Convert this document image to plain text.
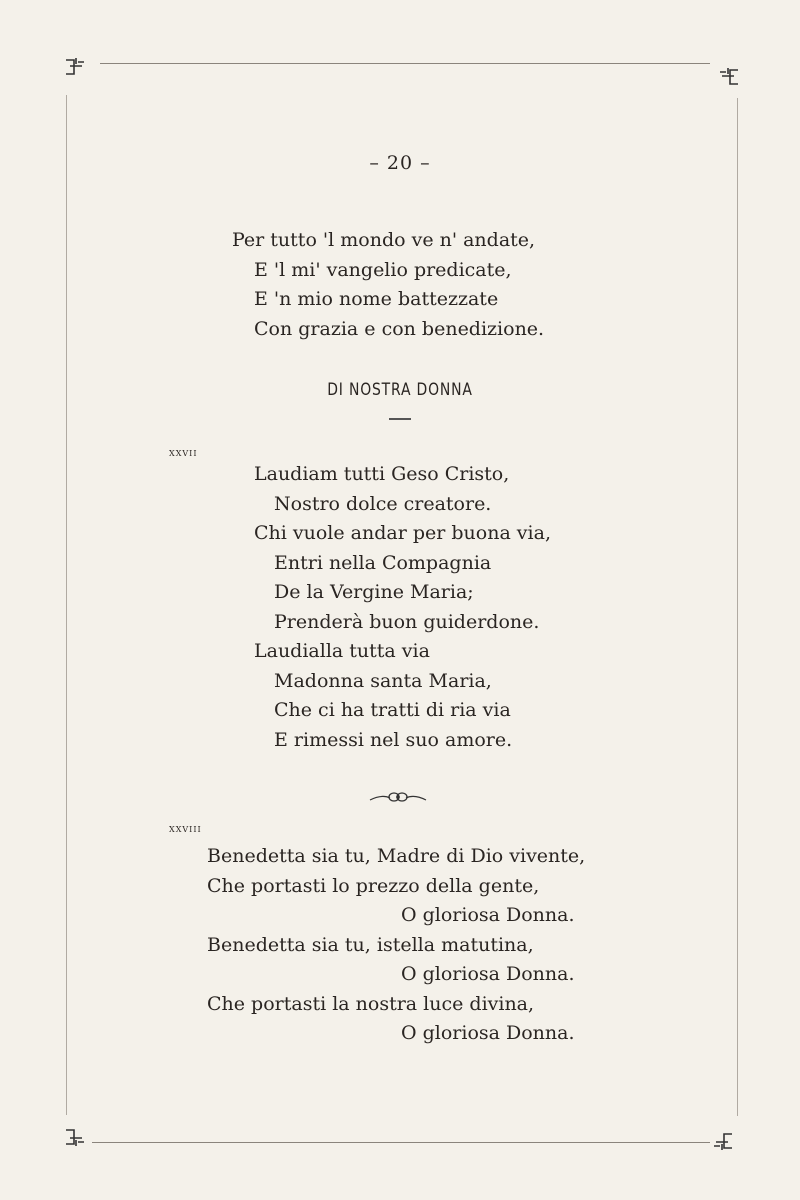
– 20 –
Per tutto 'l mondo ve n' andate,
E 'l mi' vangelio predicate,
E 'n mio nome battezzate
Con grazia e con benedizione.
DI NOSTRA DONNA
xxvii
Laudiam tutti Geso Cristo,
Nostro dolce creatore.
Chi vuole andar per buona via,
Entri nella Compagnia
De la Vergine Maria;
Prenderà buon guiderdone.
Laudialla tutta via
Madonna santa Maria,
Che ci ha tratti di ria via
E rimessi nel suo amore.
xxviii
Benedetta sia tu, Madre di Dio vivente,
Che portasti lo prezzo della gente,
O gloriosa Donna.
Benedetta sia tu, istella matutina,
O gloriosa Donna.
Che portasti la nostra luce divina,
O gloriosa Donna.
